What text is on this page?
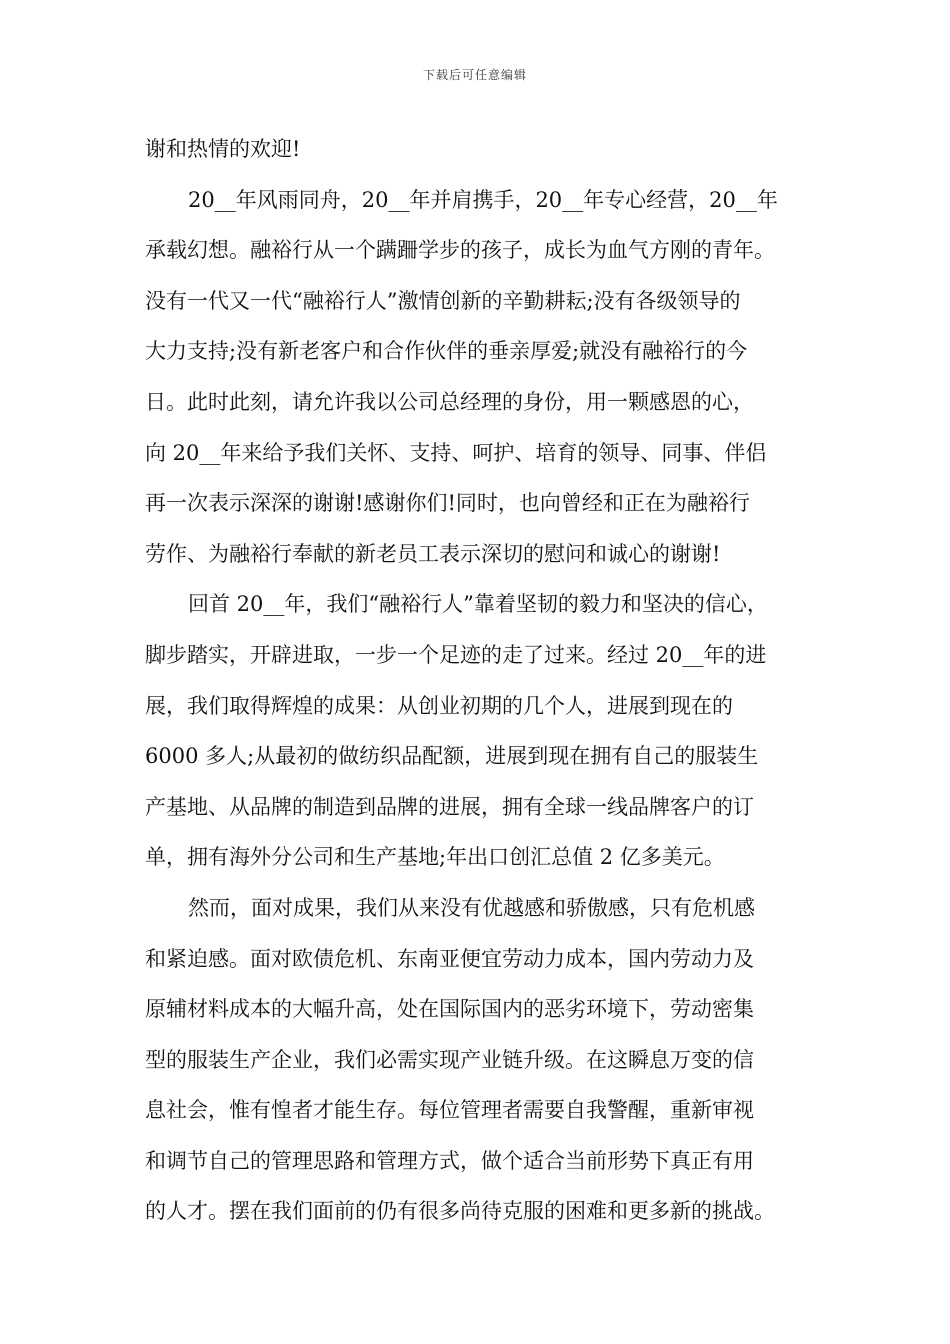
下载后可任意编辑
谢和热情的欢迎!
20__年风雨同舟，20__年并肩携手，20__年专心经营，20__年
承载幻想。融裕行从一个蹒跚学步的孩子，成长为血气方刚的青年。
没有一代又一代“融裕行人”激情创新的辛勤耕耘;没有各级领导的
大力支持;没有新老客户和合作伙伴的垂亲厚爱;就没有融裕行的今
日。此时此刻，请允许我以公司总经理的身份，用一颗感恩的心，
向 20__年来给予我们关怀、支持、呵护、培育的领导、同事、伴侣
再一次表示深深的谢谢!感谢你们!同时，也向曾经和正在为融裕行
劳作、为融裕行奉献的新老员工表示深切的慰问和诚心的谢谢!
回首 20__年，我们“融裕行人”靠着坚韧的毅力和坚决的信心，
脚步踏实，开辟进取，一步一个足迹的走了过来。经过 20__年的进
展，我们取得辉煌的成果：从创业初期的几个人，进展到现在的
6000 多人;从最初的做纺织品配额，进展到现在拥有自己的服装生
产基地、从品牌的制造到品牌的进展，拥有全球一线品牌客户的订
单，拥有海外分公司和生产基地;年出口创汇总值 2 亿多美元。
然而，面对成果，我们从来没有优越感和骄傲感，只有危机感
和紧迫感。面对欧债危机、东南亚便宜劳动力成本，国内劳动力及
原辅材料成本的大幅升高，处在国际国内的恶劣环境下，劳动密集
型的服装生产企业，我们必需实现产业链升级。在这瞬息万变的信
息社会，惟有惶者才能生存。每位管理者需要自我警醒，重新审视
和调节自己的管理思路和管理方式，做个适合当前形势下真正有用
的人才。摆在我们面前的仍有很多尚待克服的困难和更多新的挑战。
